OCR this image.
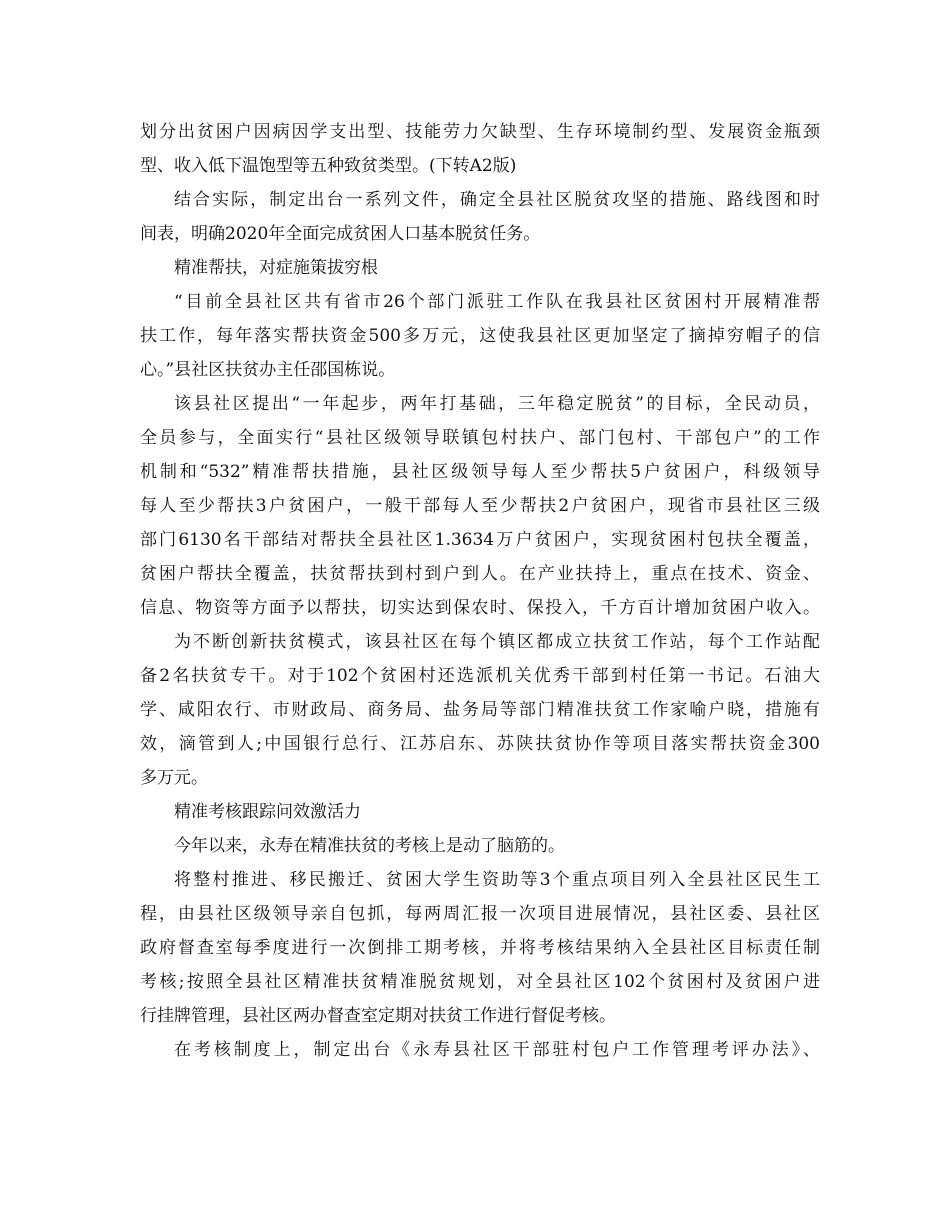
划分出贫困户因病因学支出型、技能劳力欠缺型、生存环境制约型、发展资金瓶颈
型、收入低下温饱型等五种致贫类型。(下转A2版)
结合实际，制定出台一系列文件，确定全县社区脱贫攻坚的措施、路线图和时
间表，明确2020年全面完成贫困人口基本脱贫任务。
精准帮扶，对症施策拔穷根
“目前全县社区共有省市26个部门派驻工作队在我县社区贫困村开展精准帮
扶工作，每年落实帮扶资金500多万元，这使我县社区更加坚定了摘掉穷帽子的信
心。”县社区扶贫办主任邵国栋说。
该县社区提出“一年起步，两年打基础，三年稳定脱贫”的目标，全民动员，
全员参与，全面实行“县社区级领导联镇包村扶户、部门包村、干部包户”的工作
机制和“532”精准帮扶措施，县社区级领导每人至少帮扶5户贫困户，科级领导
每人至少帮扶3户贫困户，一般干部每人至少帮扶2户贫困户，现省市县社区三级
部门6130名干部结对帮扶全县社区1.3634万户贫困户，实现贫困村包扶全覆盖，
贫困户帮扶全覆盖，扶贫帮扶到村到户到人。在产业扶持上，重点在技术、资金、
信息、物资等方面予以帮扶，切实达到保农时、保投入，千方百计增加贫困户收入。
为不断创新扶贫模式，该县社区在每个镇区都成立扶贫工作站，每个工作站配
备2名扶贫专干。对于102个贫困村还选派机关优秀干部到村任第一书记。石油大
学、咸阳农行、市财政局、商务局、盐务局等部门精准扶贫工作家喻户晓，措施有
效，滴管到人;中国银行总行、江苏启东、苏陕扶贫协作等项目落实帮扶资金300
多万元。
精准考核跟踪问效激活力
今年以来，永寿在精准扶贫的考核上是动了脑筋的。
将整村推进、移民搬迁、贫困大学生资助等3个重点项目列入全县社区民生工
程，由县社区级领导亲自包抓，每两周汇报一次项目进展情况，县社区委、县社区
政府督查室每季度进行一次倒排工期考核，并将考核结果纳入全县社区目标责任制
考核;按照全县社区精准扶贫精准脱贫规划，对全县社区102个贫困村及贫困户进
行挂牌管理，县社区两办督查室定期对扶贫工作进行督促考核。
在考核制度上，制定出台《永寿县社区干部驻村包户工作管理考评办法》、
